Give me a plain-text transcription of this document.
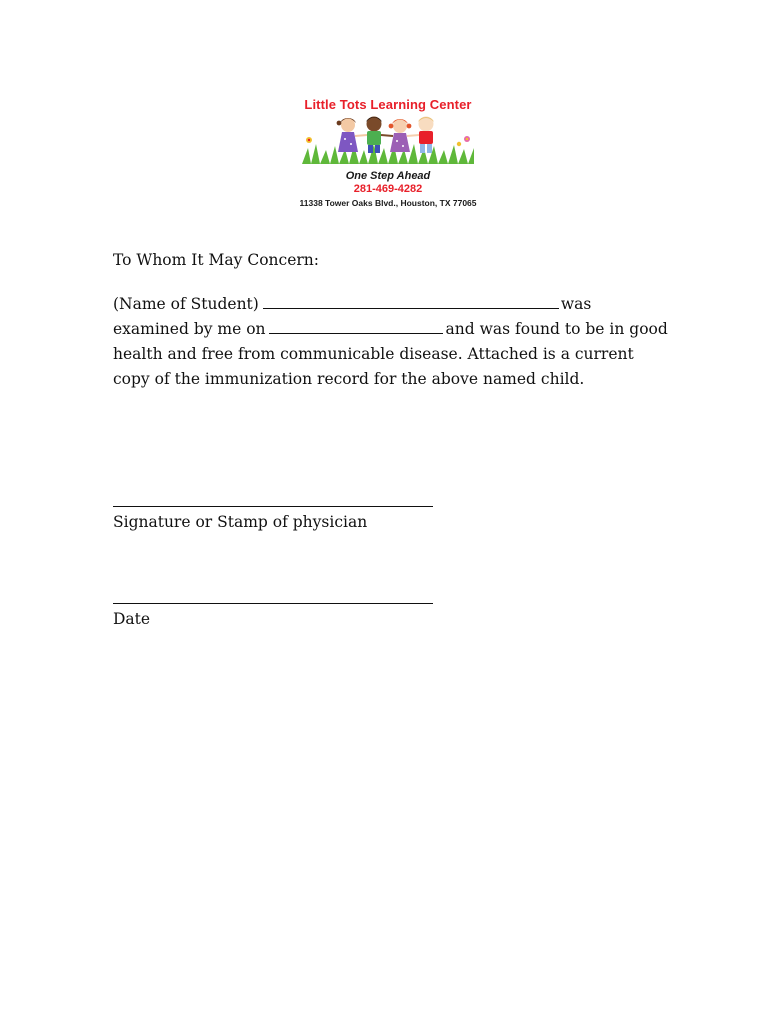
Little Tots Learning Center
One Step Ahead
281-469-4282
11338 Tower Oaks Blvd., Houston, TX 77065
To Whom It May Concern:
(Name of Student)	was
examined by me on	and was found to be in good health and free from communicable disease. Attached is a current copy of the immunization record for the above named child.
Signature or Stamp of physician
Date
